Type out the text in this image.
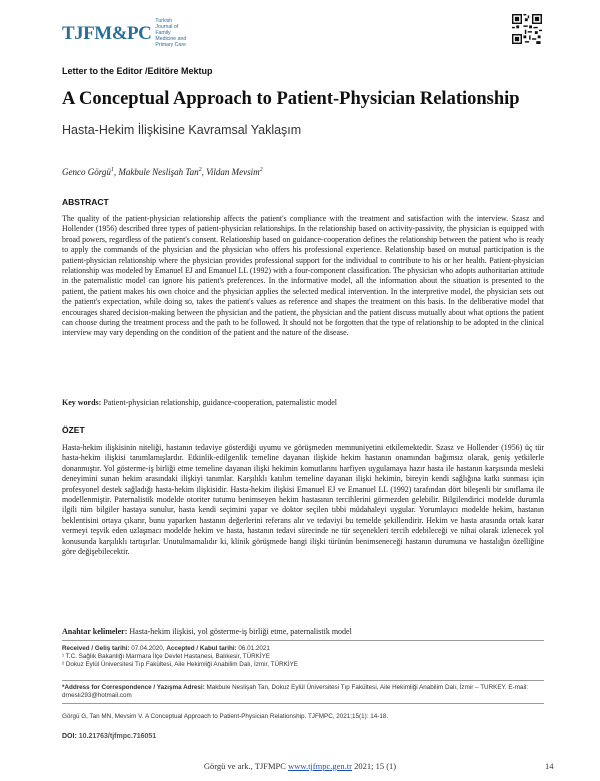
TJFM&PC
Turkish Journal of Family Medicine and Primary Care
Letter to the Editor /Editöre Mektup
A Conceptual Approach to Patient-Physician Relationship
Hasta-Hekim İlişkisine Kavramsal Yaklaşım
Genco Görgü$^1$, Makbule Neslişah Tan$^2$, Vildan Mevsim$^2$
ABSTRACT
The quality of the patient-physician relationship affects the patient's compliance with the treatment and satisfaction with the interview. Szasz and Hollender (1956) described three types of patient-physician relationships. In the relationship based on activity-passivity, the physician is equipped with broad powers, regardless of the patient's consent. Relationship based on guidance-cooperation defines the relationship between the patient who is ready to apply the commands of the physician and the physician who offers his professional experience. Relationship based on mutual participation is the patient-physician relationship where the physician provides professional support for the individual to contribute to his or her health. Patient-physician relationship was modeled by Emanuel EJ and Emanuel LL (1992) with a four-component classification. The physician who adopts authoritarian attitude in the paternalistic model can ignore his patient's preferences. In the informative model, all the information about the situation is presented to the patient, the patient makes his own choice and the physician applies the selected medical intervention. In the interpretive model, the physician sets out the patient's expectation, while doing so, takes the patient's values as reference and shapes the treatment on this basis. In the deliberative model that encourages shared decision-making between the physician and the patient, the physician and the patient discuss mutually about what options the patient can choose during the treatment process and the path to be followed. It should not be forgotten that the type of relationship to be adopted in the clinical interview may vary depending on the condition of the patient and the nature of the disease.
Key words: Patient-physician relationship, guidance-cooperation, paternalistic model
ÖZET
Hasta-hekim ilişkisinin niteliği, hastanın tedaviye gösterdiği uyumu ve görüşmeden memnuniyetini etkilemektedir. Szasz ve Hollender (1956) üç tür hasta-hekim ilişkisi tanımlamışlardır. Etkinlik-edilgenlik temeline dayanan ilişkide hekim hastanın onamından bağımsız olarak, geniş yetkilerle donanmıştır. Yol gösterme-iş birliği etme temeline dayanan ilişki hekimin komutlarını harfiyen uygulamaya hazır hasta ile hastanın karşısında mesleki deneyimini sunan hekim arasındaki ilişkiyi tanımlar. Karşılıklı katılım temeline dayanan ilişki hekimin, bireyin kendi sağlığına katkı sunması için profesyonel destek sağladığı hasta-hekim ilişkisidir. Hasta-hekim ilişkisi Emanuel EJ ve Emanuel LL (1992) tarafından dört bileşenli bir sınıflama ile modellenmiştir. Paternalistik modelde otoriter tutumu benimseyen hekim hastasının tercihlerini görmezden gelebilir. Bilgilendirici modelde durumla ilgili tüm bilgiler hastaya sunulur, hasta kendi seçimini yapar ve doktor seçilen tıbbi müdahaleyi uygular. Yorumlayıcı modelde hekim, hastanın beklentisini ortaya çıkarır, bunu yaparken hastanın değerlerini referans alır ve tedaviyi bu temelde şekillendirir. Hekim ve hasta arasında ortak karar vermeyi teşvik eden uzlaşmacı modelde hekim ve hasta, hastanın tedavi sürecinde ne tür seçenekleri tercih edebileceği ve nihai olarak izlenecek yol konusunda karşılıklı tartışırlar. Unutulmamalıdır ki, klinik görüşmede hangi ilişki türünün benimseneceği hastanın durumuna ve hastalığın özelliğine göre değişebilecektir.
Anahtar kelimeler: Hasta-hekim ilişkisi, yol gösterme-iş birliği etme, paternalistik model
Received / Geliş tarihi: 07.04.2020, Accepted / Kabul tarihi: 06.01.2021
¹ T.C. Sağlık Bakanlığı Marmara İlçe Devlet Hastanesi, Balıkesir, TÜRKİYE
² Dokuz Eylül Üniversitesi Tıp Fakültesi, Aile Hekimliği Anabilim Dalı, İzmir, TÜRKİYE
*Address for Correspondence / Yazışma Adresi: Makbule Neslişah Tan, Dokuz Eylül Üniversitesi Tıp Fakültesi, Aile Hekimliği Anabilim Dalı, İzmir – TURKEY. E-mail: drneslı293@hotmail.com
Görgü G, Tan MN, Mevsim V. A Conceptual Approach to Patient-Physician Relationship. TJFMPC, 2021;15(1): 14-18.
DOI: 10.21763/tjfmpc.716051
Görgü ve ark., TJFMPC www.tjfmpc.gen.tr 2021; 15 (1)	14
